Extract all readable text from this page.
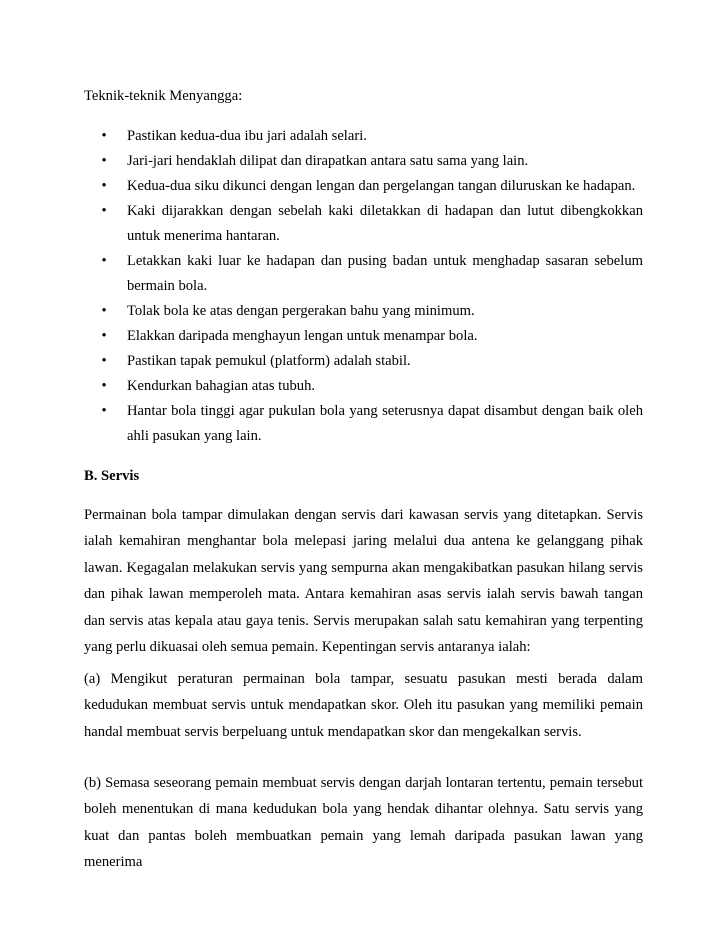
Teknik-teknik Menyangga:
•	Pastikan kedua-dua ibu jari adalah selari.
•	Jari-jari hendaklah dilipat dan dirapatkan antara satu sama yang lain.
•	Kedua-dua siku dikunci dengan lengan dan pergelangan tangan diluruskan ke hadapan.
•	Kaki dijarakkan dengan sebelah kaki diletakkan di hadapan dan lutut dibengkokkan untuk menerima hantaran.
•	Letakkan kaki luar ke hadapan dan pusing badan untuk menghadap sasaran sebelum bermain bola.
•	Tolak bola ke atas dengan pergerakan bahu yang minimum.
•	Elakkan daripada menghayun lengan untuk menampar bola.
•	Pastikan tapak pemukul (platform) adalah stabil.
•	Kendurkan bahagian atas tubuh.
•	Hantar bola tinggi agar pukulan bola yang seterusnya dapat disambut dengan baik oleh ahli pasukan yang lain.
B. Servis

Permainan bola tampar dimulakan dengan servis dari kawasan servis yang ditetapkan. Servis ialah kemahiran menghantar bola melepasi jaring melalui dua antena ke gelanggang pihak lawan. Kegagalan melakukan servis yang sempurna akan mengakibatkan pasukan hilang servis dan pihak lawan memperoleh mata. Antara kemahiran asas servis ialah servis bawah tangan dan servis atas kepala atau gaya tenis. Servis merupakan salah satu kemahiran yang terpenting yang perlu dikuasai oleh semua pemain. Kepentingan servis antaranya ialah:

(a) Mengikut peraturan permainan bola tampar, sesuatu pasukan mesti berada dalam kedudukan membuat servis untuk mendapatkan skor. Oleh itu pasukan yang memiliki pemain handal membuat servis berpeluang untuk mendapatkan skor dan mengekalkan servis.

(b) Semasa seseorang pemain membuat servis dengan darjah lontaran tertentu, pemain tersebut boleh menentukan di mana kedudukan bola yang hendak dihantar olehnya. Satu servis yang kuat dan pantas boleh membuatkan pemain yang lemah daripada pasukan lawan yang menerima
